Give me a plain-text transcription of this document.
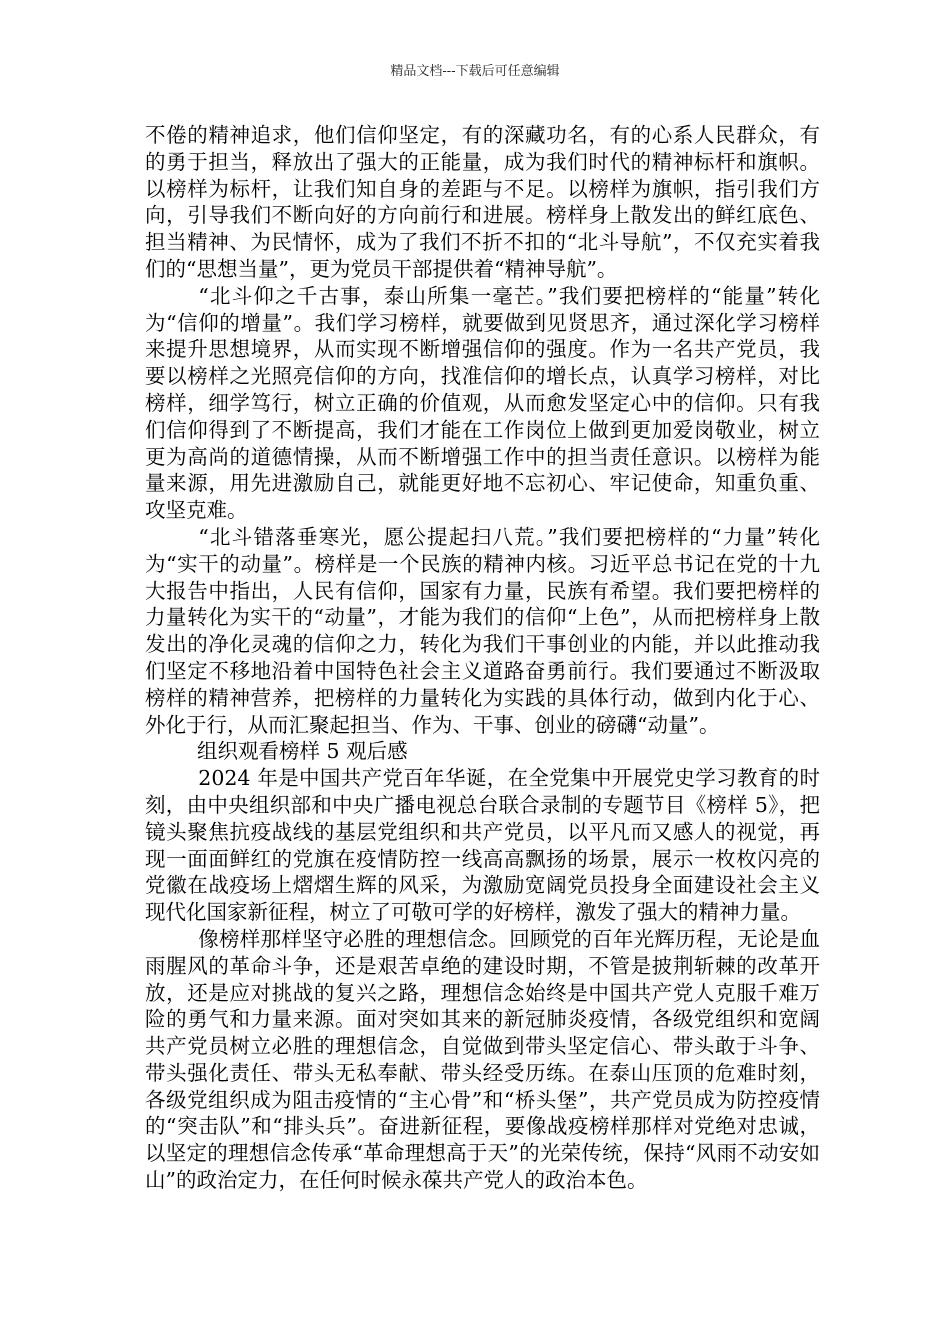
精品文档---下载后可任意编辑

不倦的精神追求，他们信仰坚定，有的深藏功名，有的心系人民群众，有的勇于担当，释放出了强大的正能量，成为我们时代的精神标杆和旗帜。以榜样为标杆，让我们知自身的差距与不足。以榜样为旗帜，指引我们方向，引导我们不断向好的方向前行和进展。榜样身上散发出的鲜红底色、担当精神、为民情怀，成为了我们不折不扣的“北斗导航”，不仅充实着我们的“思想当量”，更为党员干部提供着“精神导航”。

“北斗仰之千古事，泰山所集一毫芒。”我们要把榜样的“能量”转化为“信仰的增量”。我们学习榜样，就要做到见贤思齐，通过深化学习榜样来提升思想境界，从而实现不断增强信仰的强度。作为一名共产党员，我要以榜样之光照亮信仰的方向，找准信仰的增长点，认真学习榜样，对比榜样，细学笃行，树立正确的价值观，从而愈发坚定心中的信仰。只有我们信仰得到了不断提高，我们才能在工作岗位上做到更加爱岗敬业，树立更为高尚的道德情操，从而不断增强工作中的担当责任意识。以榜样为能量来源，用先进激励自己，就能更好地不忘初心、牢记使命，知重负重、攻坚克难。

“北斗错落垂寒光，愿公提起扫八荒。”我们要把榜样的“力量”转化为“实干的动量”。榜样是一个民族的精神内核。习近平总书记在党的十九大报告中指出，人民有信仰，国家有力量，民族有希望。我们要把榜样的力量转化为实干的“动量”，才能为我们的信仰“上色”，从而把榜样身上散发出的净化灵魂的信仰之力，转化为我们干事创业的内能，并以此推动我们坚定不移地沿着中国特色社会主义道路奋勇前行。我们要通过不断汲取榜样的精神营养，把榜样的力量转化为实践的具体行动，做到内化于心、外化于行，从而汇聚起担当、作为、干事、创业的磅礴“动量”。

组织观看榜样 5 观后感

2024 年是中国共产党百年华诞，在全党集中开展党史学习教育的时刻，由中央组织部和中央广播电视总台联合录制的专题节目《榜样 5》，把镜头聚焦抗疫战线的基层党组织和共产党员，以平凡而又感人的视觉，再现一面面鲜红的党旗在疫情防控一线高高飘扬的场景，展示一枚枚闪亮的党徽在战疫场上熠熠生辉的风采，为激励宽阔党员投身全面建设社会主义现代化国家新征程，树立了可敬可学的好榜样，激发了强大的精神力量。

像榜样那样坚守必胜的理想信念。回顾党的百年光辉历程，无论是血雨腥风的革命斗争，还是艰苦卓绝的建设时期，不管是披荆斩棘的改革开放，还是应对挑战的复兴之路，理想信念始终是中国共产党人克服千难万险的勇气和力量来源。面对突如其来的新冠肺炎疫情，各级党组织和宽阔共产党员树立必胜的理想信念，自觉做到带头坚定信心、带头敢于斗争、带头强化责任、带头无私奉献、带头经受历练。在泰山压顶的危难时刻，各级党组织成为阻击疫情的“主心骨”和“桥头堡”，共产党员成为防控疫情的“突击队”和“排头兵”。奋进新征程，要像战疫榜样那样对党绝对忠诚，以坚定的理想信念传承“革命理想高于天”的光荣传统，保持“风雨不动安如山”的政治定力，在任何时候永葆共产党人的政治本色。
